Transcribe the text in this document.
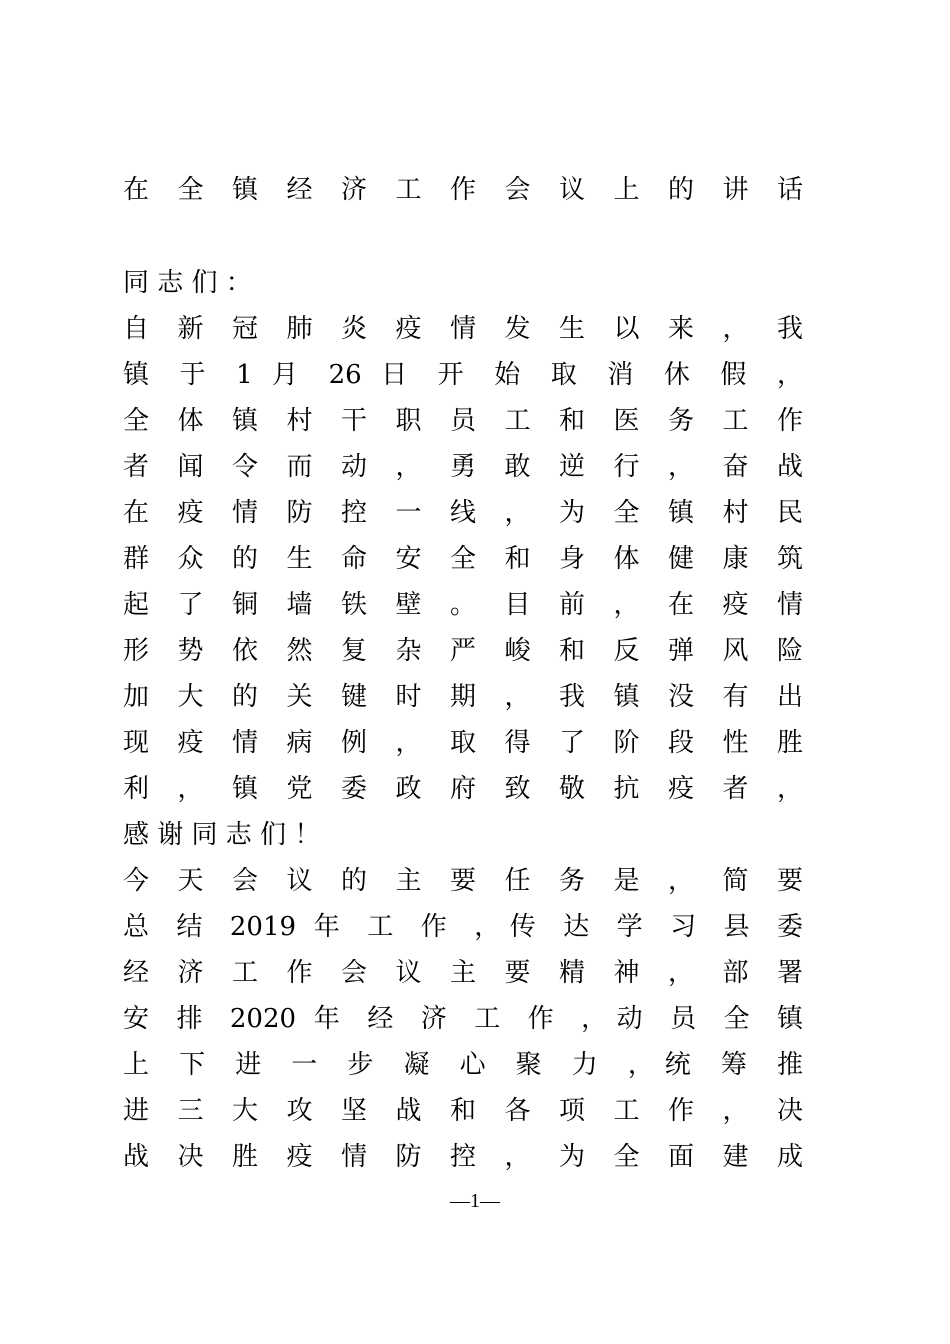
在 全 镇 经 济 工 作 会 议 上 的 讲 话
同 志 们 ：
自 新 冠 肺 炎 疫 情 发 生 以 来 ， 我
镇 于 1 月 26 日 开 始 取 消 休 假 ，
全 体 镇 村 干 职 员 工 和 医 务 工 作
者 闻 令 而 动 ， 勇 敢 逆 行 ， 奋 战
在 疫 情 防 控 一 线 ， 为 全 镇 村 民
群 众 的 生 命 安 全 和 身 体 健 康 筑
起 了 铜 墙 铁 壁 。 目 前 ， 在 疫 情
形 势 依 然 复 杂 严 峻 和 反 弹 风 险
加 大 的 关 键 时 期 ， 我 镇 没 有 出
现 疫 情 病 例 ， 取 得 了 阶 段 性 胜
利 ， 镇 党 委 政 府 致 敬 抗 疫 者 ，
感 谢 同 志 们 ！
今 天 会 议 的 主 要 任 务 是 ， 简 要
总 结 2019 年 工 作 ，传 达 学 习 县 委
经 济 工 作 会 议 主 要 精 神 ， 部 署
安 排 2020 年 经 济 工 作 ，动 员 全 镇
上 下 进 一 步 凝 心 聚 力 ，统 筹 推
进 三 大 攻 坚 战 和 各 项 工 作 ， 决
战 决 胜 疫 情 防 控 ， 为 全 面 建 成
—1—
